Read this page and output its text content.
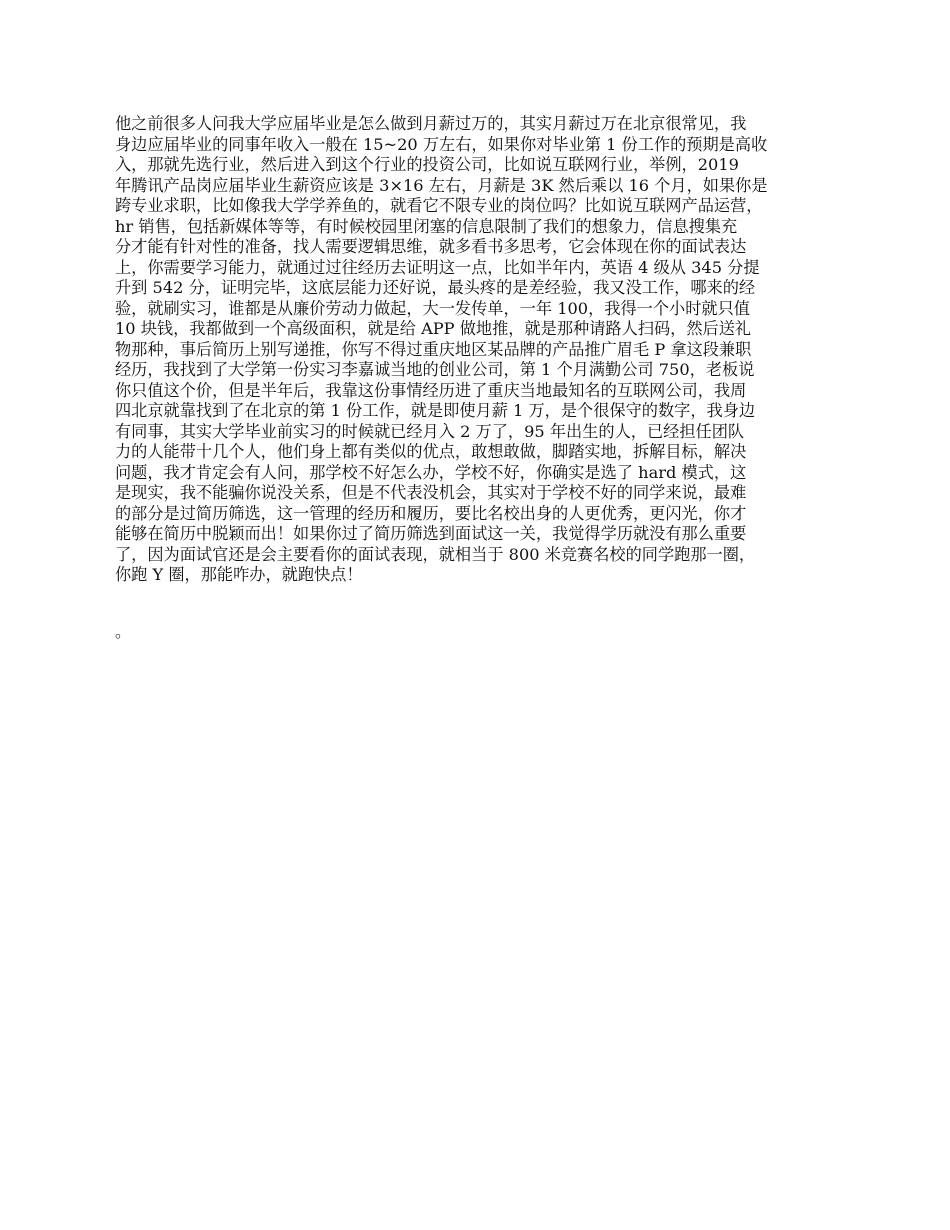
他之前很多人问我大学应届毕业是怎么做到月薪过万的，其实月薪过万在北京很常见，我
身边应届毕业的同事年收入一般在 15~20 万左右，如果你对毕业第 1 份工作的预期是高收
入，那就先选行业，然后进入到这个行业的投资公司，比如说互联网行业，举例，2019
年腾讯产品岗应届毕业生薪资应该是 3×16 左右，月薪是 3K 然后乘以 16 个月，如果你是
跨专业求职，比如像我大学学养鱼的，就看它不限专业的岗位吗？比如说互联网产品运营，
hr 销售，包括新媒体等等，有时候校园里闭塞的信息限制了我们的想象力，信息搜集充
分才能有针对性的准备，找人需要逻辑思维，就多看书多思考，它会体现在你的面试表达
上，你需要学习能力，就通过过往经历去证明这一点，比如半年内，英语 4 级从 345 分提
升到 542 分，证明完毕，这底层能力还好说，最头疼的是差经验，我又没工作，哪来的经
验，就刷实习，谁都是从廉价劳动力做起，大一发传单，一年 100，我得一个小时就只值
10 块钱，我都做到一个高级面积，就是给 APP 做地推，就是那种请路人扫码，然后送礼
物那种，事后简历上别写递推，你写不得过重庆地区某品牌的产品推广眉毛 P 拿这段兼职
经历，我找到了大学第一份实习李嘉诚当地的创业公司，第 1 个月满勤公司 750，老板说
你只值这个价，但是半年后，我靠这份事情经历进了重庆当地最知名的互联网公司，我周
四北京就靠找到了在北京的第 1 份工作，就是即使月薪 1 万，是个很保守的数字，我身边
有同事，其实大学毕业前实习的时候就已经月入 2 万了，95 年出生的人，已经担任团队
力的人能带十几个人，他们身上都有类似的优点，敢想敢做，脚踏实地，拆解目标，解决
问题，我才肯定会有人问，那学校不好怎么办，学校不好，你确实是选了 hard 模式，这
是现实，我不能骗你说没关系，但是不代表没机会，其实对于学校不好的同学来说，最难
的部分是过简历筛选，这一管理的经历和履历，要比名校出身的人更优秀，更闪光，你才
能够在简历中脱颖而出！如果你过了简历筛选到面试这一关，我觉得学历就没有那么重要
了，因为面试官还是会主要看你的面试表现，就相当于 800 米竞赛名校的同学跑那一圈，
你跑 Y 圈，那能咋办，就跑快点！
。
